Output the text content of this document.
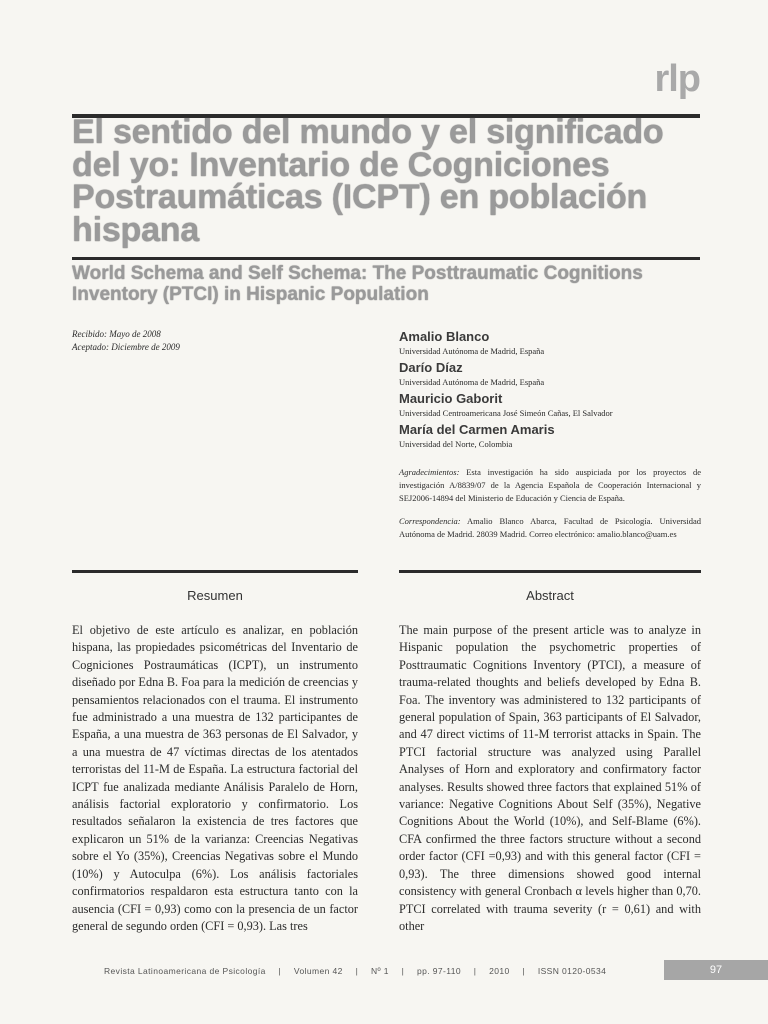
rlp
El sentido del mundo y el significado del yo: Inventario de Cogniciones Postraumáticas (ICPT) en población hispana
World Schema and Self Schema: The Posttraumatic Cognitions Inventory (PTCI) in Hispanic Population
Recibido: Mayo de 2008
Aceptado: Diciembre de 2009
Amalio Blanco
Universidad Autónoma de Madrid, España
Darío Díaz
Universidad Autónoma de Madrid, España
Mauricio Gaborit
Universidad Centroamericana José Simeón Cañas, El Salvador
María del Carmen Amaris
Universidad del Norte, Colombia
Agradecimientos: Esta investigación ha sido auspiciada por los proyectos de investigación A/8839/07 de la Agencia Española de Cooperación Internacional y SEJ2006-14894 del Ministerio de Educación y Ciencia de España.
Correspondencia: Amalio Blanco Abarca, Facultad de Psicología. Universidad Autónoma de Madrid. 28039 Madrid. Correo electrónico: amalio.blanco@uam.es
Resumen	Abstract
El objetivo de este artículo es analizar, en población hispana, las propiedades psicométricas del Inventario de Cogniciones Postraumáticas (ICPT), un instrumento diseñado por Edna B. Foa para la medición de creencias y pensamientos relacionados con el trauma. El instrumento fue administrado a una muestra de 132 participantes de España, a una muestra de 363 personas de El Salvador, y a una muestra de 47 víctimas directas de los atentados terroristas del 11-M de España. La estructura factorial del ICPT fue analizada mediante Análisis Paralelo de Horn, análisis factorial exploratorio y confirmatorio. Los resultados señalaron la existencia de tres factores que explicaron un 51% de la varianza: Creencias Negativas sobre el Yo (35%), Creencias Negativas sobre el Mundo (10%) y Autoculpa (6%). Los análisis factoriales confirmatorios respaldaron esta estructura tanto con la ausencia (CFI = 0,93) como con la presencia de un factor general de segundo orden (CFI = 0,93). Las tres
The main purpose of the present article was to analyze in Hispanic population the psychometric properties of Posttraumatic Cognitions Inventory (PTCI), a measure of trauma-related thoughts and beliefs developed by Edna B. Foa. The inventory was administered to 132 participants of general population of Spain, 363 participants of El Salvador, and 47 direct victims of 11-M terrorist attacks in Spain. The PTCI factorial structure was analyzed using Parallel Analyses of Horn and exploratory and confirmatory factor analyses. Results showed three factors that explained 51% of variance: Negative Cognitions About Self (35%), Negative Cognitions About the World (10%), and Self-Blame (6%). CFA confirmed the three factors structure without a second order factor (CFI =0,93) and with this general factor (CFI = 0,93). The three dimensions showed good internal consistency with general Cronbach α levels higher than 0,70. PTCI correlated with trauma severity (r = 0,61) and with other
Revista Latinoamericana de Psicología | Volumen 42 | Nº 1 | pp. 97-110 | 2010 | ISSN 0120-0534	97
